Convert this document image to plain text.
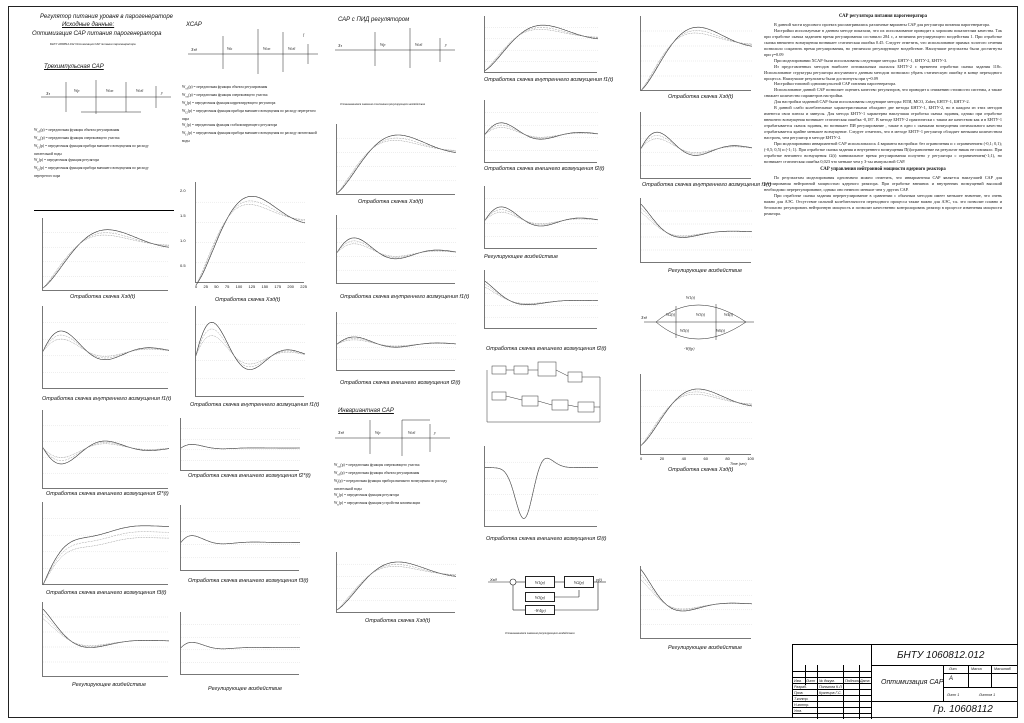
Регулятор питания уровня в парогенераторе
Исходные данные:
Оптимизация САР питания парогенератора
БНТУ 1060812.012 Оптимизация САР питания парогенератора
Трехимпульсная САР
Xз
Wp	Wоп	Wоб	y
$W_{об}(p)$ = передаточная функция объекта регулирования
$W_{оп}(p)$ = передаточная функция опережающего участка
$W_{f1}(p)$ = передаточная функция прибора внешнего возмущения по расходу питательной воды
$W_p(p)$ = передаточная функция регулятора
$W_{f2}(p)$ = передаточная функция прибора внешнего возмущения по расходу перегретого пара
Отработка скачка Хзд(t)
Отработка скачка внутреннего возмущения f1(t)
Отработка скачка внешнего возмущения f2*(t)
Отработка скачка внешнего возмущения f3(t)
Регулирующее воздействие
ХСАР
Xзд	Wк	Wоп	Wоб
f
$W_{об}(p)$ = передаточная функция объекта регулирования
$W_{оп}(p)$ = передаточная функция опережающего участка
$W_к(p)$ = передаточная функция корректирующего регулятора
$W_{f2}(p)$ = передаточная функция прибора внешнего возмущения по расходу перегретого пара
$W_с(p)$ = передаточная функция стабилизирующего регулятора
$W_{f1}(p)$ = передаточная функция прибора внешнего возмущения по расходу питательной воды
2.0
1.5
1.0
0.5
0 25 50 75 100 125 150 175 200 225
Отработка скачка Хзд(t)
Отработка скачка внутреннего возмущения f1(t)
Отработка скачка внешнего возмущения f2*(t)
Отработка скачка внешнего возмущения f3(t)
Регулирующее воздействие
САР с ПИД регулятором
Xз	Wp	Wоб	y
Установившееся значение отклонения регулирующего воздействия
Отработка скачка Хзд(t)
Отработка скачка внутреннего возмущения f1(t)
Отработка скачка внешнего возмущения f2(t)
Инвариантная САР
Xзд	Wp	Wоб	y
$W_{оп}(p)$ = передаточная функция опережающего участка
$W_{об}(p)$ = передаточная функция объекта регулирования
$W_f(p)$ = передаточная функция прибора внешнего возмущения по расходу питательной воды
$W_p(p)$ = передаточная функция регулятора
$W_к(p)$ = передаточная функция устройства компенсации
Отработка скачка Хзд(t)
Отработка скачка внутреннего возмущения f1(t)
Отработка скачка внешнего возмущения f2(t)
Регулирующее воздействие
Отработка скачка внешнего возмущения f2(t)
Отработка скачка внешнего возмущения f2(t)
Xзд	y(t)
W1(p)	W2(p)
W3(p)
-W4(p)
Установившееся значение регулирующего воздействия
Отработка скачка Хзд(t)
Отработка скачка внутреннего возмущения f1(t)
Регулирующее воздействие
Xзд
W1(t)
W2(t)	W3(t)	W4(t)
W5(t)	W6(t)
-Wf(p)
0	20	40	60	80	100
Time (sec)
Отработка скачка Хзд(t)
Регулирующее воздействие
САР регулятора питания парогенератора

В данной части курсового проекта рассматривались различные варианты САР для регулятора питания парогенератора.

Настройки используемые в данном методе показали, что их использование приводит к хорошим показателям качества. Так при отработке скачка заданием время регулирования составило 284 с, а величина регулирующего воздействия 1. При отработке скачка внешнего возмущения возникает статическая ошибка 0.45. Следует отметить, что использование прямых золотого сечения позволило сократить время регулирования, но увеличило регулирующее воздействие. Наилучшие результаты были достигнуты при γ=0.09

При моделировании ХСАР были использованы следующие методы: БНТУ-1, БНТУ-2, БНТУ-3.

Из представленных методов наиболее оптимальным оказался БНТУ-2 с временем отработки скачка задания 118с. Использование структуры регулятора апсучаемого данным методом позволило убрать статическую ошибку в конце переходного процесса. Наилучшие результаты были достигнуты при γ=0.09

Настройки типовой одноимпульсной САР питания парогенератора.

Использование данной САР позволяет оценить качество регуляторов, что приводит к снижению стоимости системы, а также снижает количество параметров настройки.

Для настройки заданной САР были использованы следующие методы: ВТИ, МСО, Zaber, БНТУ-1, БНТУ-2.

В данной слабо колебательные характеристиками обладают две методы БНТУ-1, БНТУ-2, но в каждом из этих методов имеются свои плюсы и минусы. Для метода БНТУ-1 характерна наилучшая отработка скачка задания, однако при отработке внешнего возмущения возникает статическая ошибка -0,187. В методе БНТУ-2 практически с таким же качеством как и в БНТУ-1 отрабатывается скачок задания, но возникает ПИ регулирование , также в одно с скачками возмущения оптимального качества отрабатывается крайне меньшее возмущение. Следует отметить, что в методе БНТУ-1 регулятор обладает меньшим количеством настроек, чем регулятор в методе БНТУ-2.

При моделировании инвариантной САР использовалось 4 варианта настройки: без ограничения и с ограничением (-0,1; 0,1); (-0,5; 0,5) и (-1; 1). При отработке скачка задания и внутреннего возмущения П(t)ограничение на результат никак не повлияло. При отработке внешнего возмущения f2(t) минимальное время регулирования получено у регулятора с ограничением(-1;1), но возникает статическая ошибка 0,023 что меньше чем у 3-хы импульсной САР.

САР управления нейтронной мощности ядерного реактора

По результатам моделирования однозначно можно отметить, что инвариантная САР является наилучшей САР для регулирования нейтронной мощностью ядерного реактора. При отработке внешних и внутренних возмущений высокий необходимо перерегулирование, однако оно немного меньше чем у других САР.

При отработке скачка задания перерегулирование в сравнении с обычным методом имеет меньшее значение, что очень важно для АЭС. Отсутствие сильной колебательности переходного процесса также важно для АЭС, т.к. это позволит плавно и безопасно регулировать нейтронную мощность и позволит качественно контролировать реактор в процессе изменения мощности реактора.

БНТУ 1060812.012
Оптимизация САР
Гр. 10608112
Лит.	Масса	Масштаб
А
Лист 1	Листов 1
Изм. Лист № докум.	Подпись Дата
Разраб.	Пинькова К.Л.
Пров.	Кузнецов Г.С.
Т.контр.
Н.контр.
Утв.
